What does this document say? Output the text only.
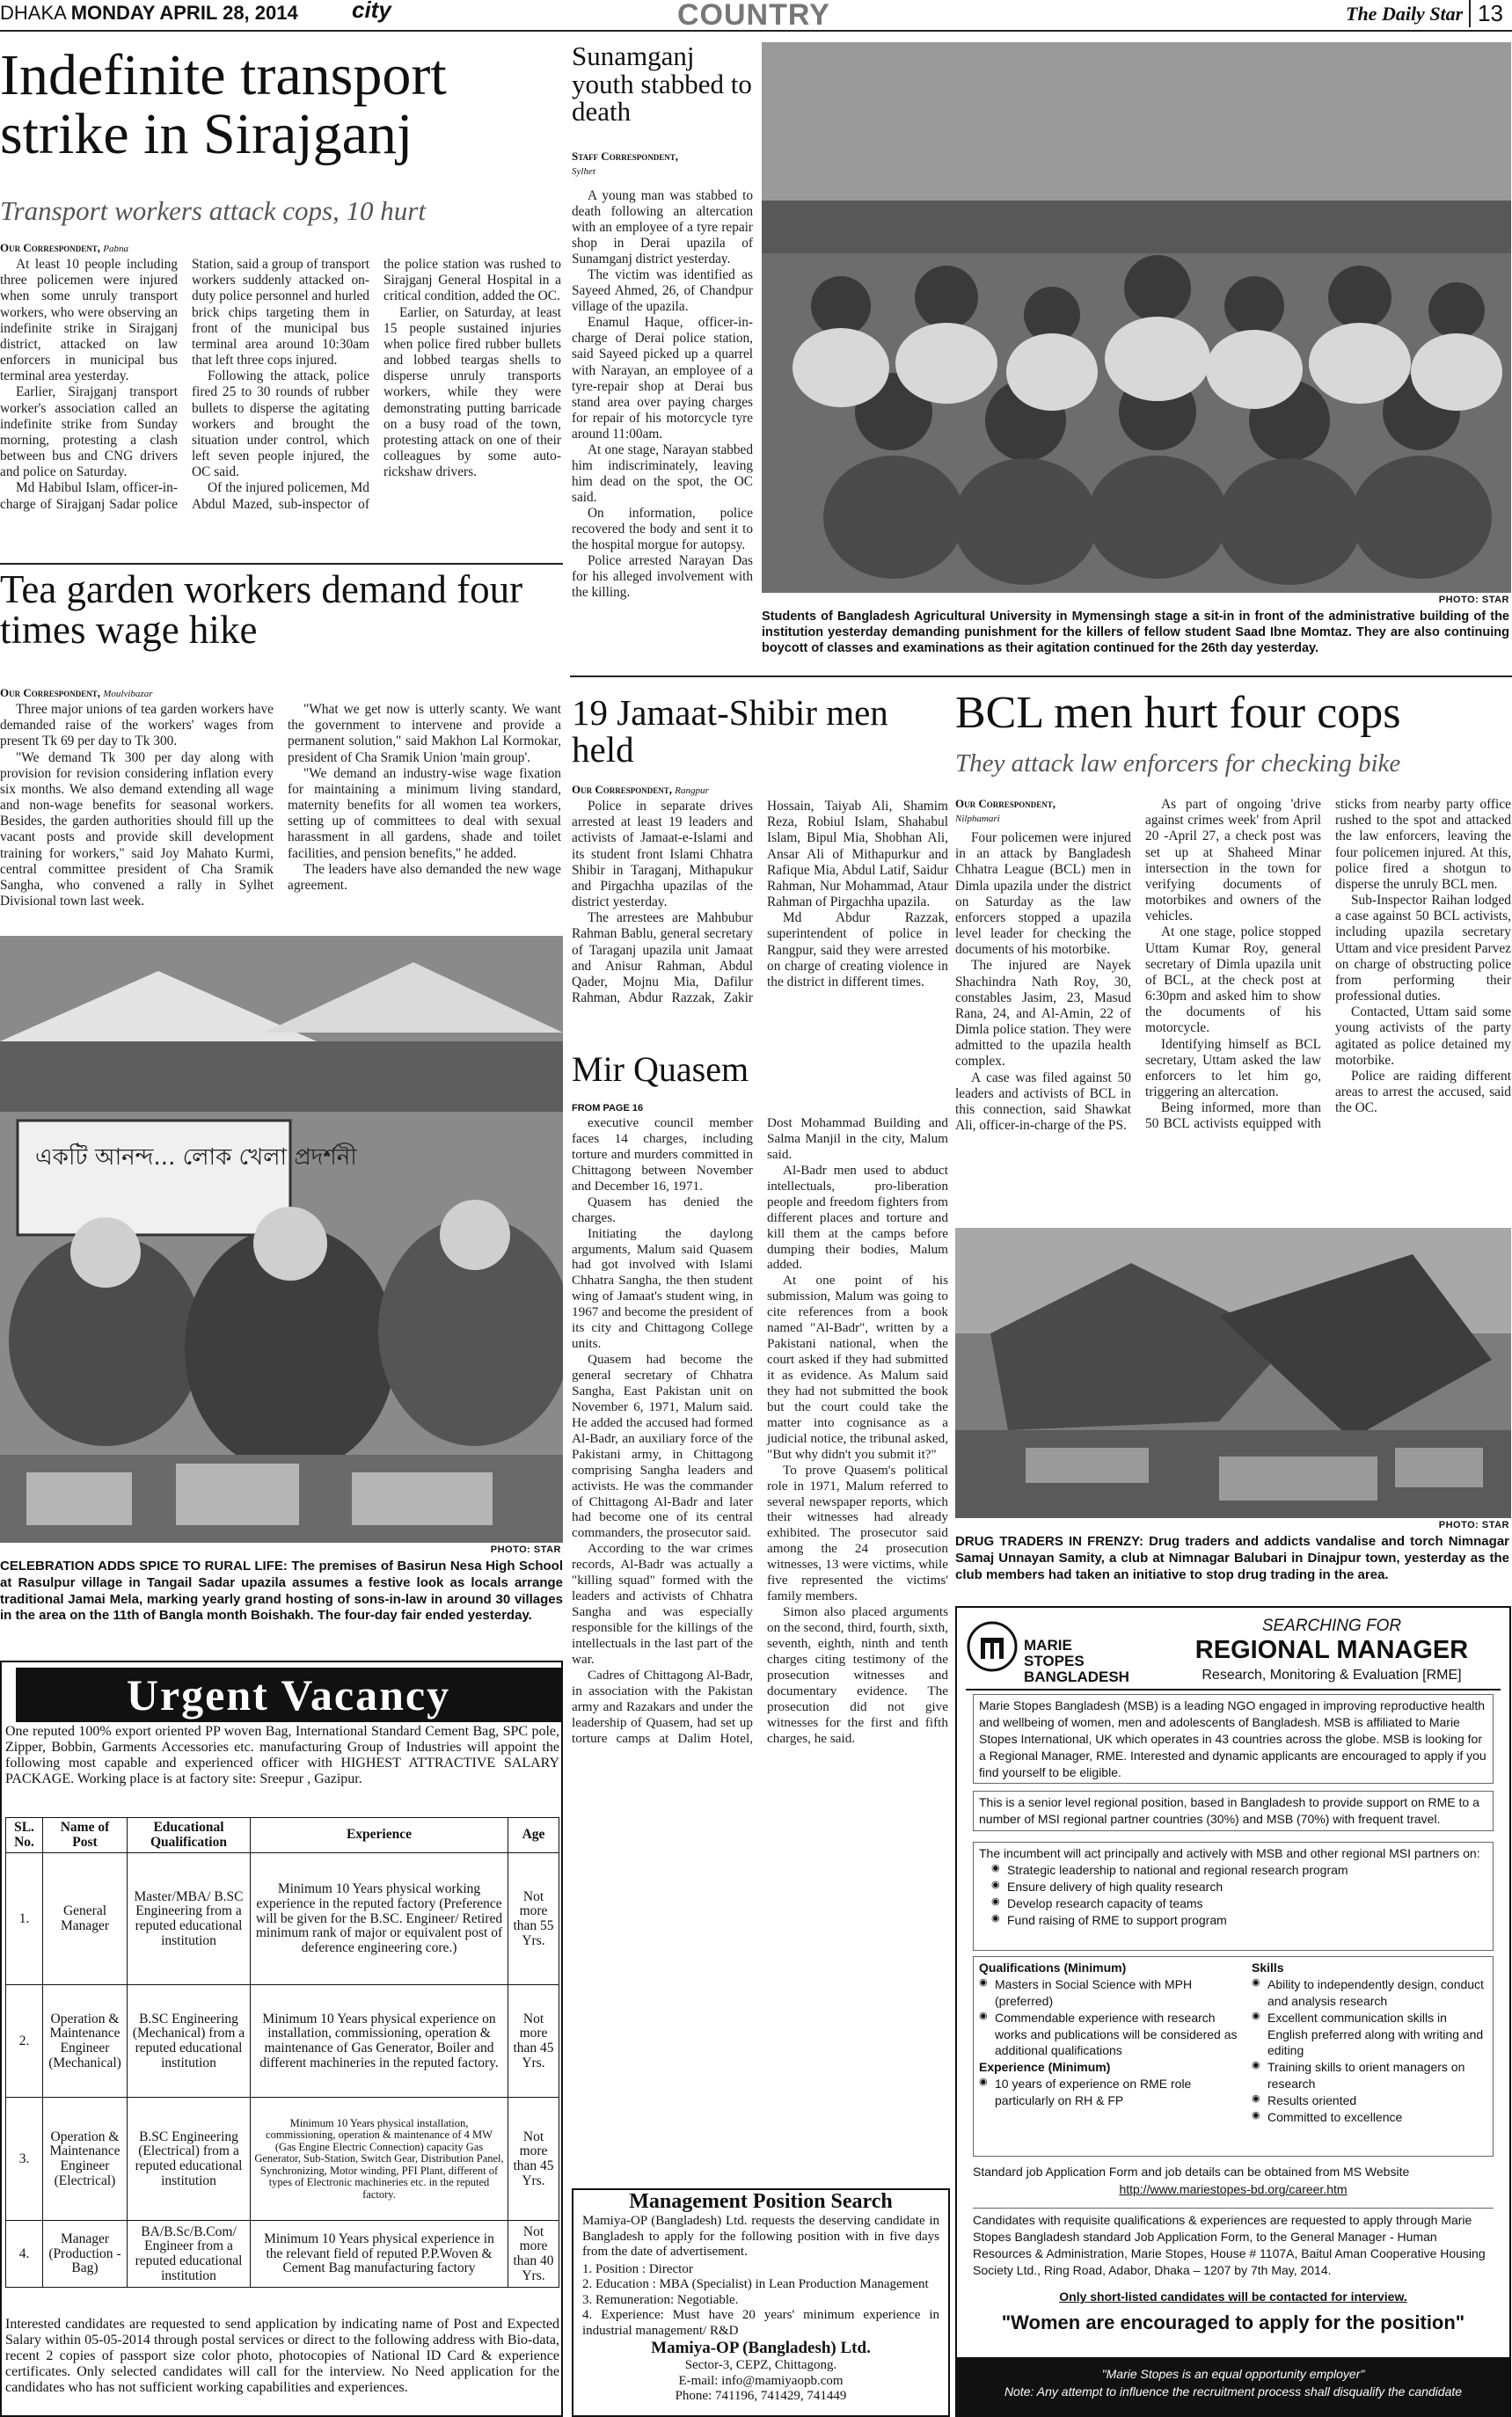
DHAKA MONDAY APRIL 28, 2014 city	COUNTRY	The Daily Star 13
Indefinite transport strike in Sirajganj
Transport workers attack cops, 10 hurt
Our Correspondent, Pabna

At least 10 people including three policemen were injured when some unruly transport workers, who were observing an indefinite strike in Sirajganj district, attacked on law enforcers in municipal bus terminal area yesterday.

Earlier, Sirajganj transport worker's association called an indefinite strike from Sunday morning, protesting a clash between bus and CNG drivers and police on Saturday.

Md Habibul Islam, officer-in-charge of Sirajganj Sadar police Station, said a group of transport workers suddenly attacked on-duty police personnel and hurled brick chips targeting them in front of the municipal bus terminal area around 10:30am that left three cops injured.

Following the attack, police fired 25 to 30 rounds of rubber bullets to disperse the agitating workers and brought the situation under control, which left seven people injured, the OC said.

Of the injured policemen, Md Abdul Mazed, sub-inspector of the police station was rushed to Sirajganj General Hospital in a critical condition, added the OC.

Earlier, on Saturday, at least 15 people sustained injuries when police fired rubber bullets and lobbed teargas shells to disperse unruly transports workers, while they were demonstrating putting barricade on a busy road of the town, protesting attack on one of their colleagues by some auto-rickshaw drivers.

Sunamganj youth stabbed to death
Staff Correspondent,
Sylhet

A young man was stabbed to death following an altercation with an employee of a tyre repair shop in Derai upazila of Sunamganj district yesterday.

The victim was identified as Sayeed Ahmed, 26, of Chandpur village of the upazila.

Enamul Haque, officer-in-charge of Derai police station, said Sayeed picked up a quarrel with Narayan, an employee of a tyre-repair shop at Derai bus stand area over paying charges for repair of his motorcycle tyre around 11:00am.

At one stage, Narayan stabbed him indiscriminately, leaving him dead on the spot, the OC said.

On information, police recovered the body and sent it to the hospital morgue for autopsy.

Police arrested Narayan Das for his alleged involvement with the killing.	PHOTO: STAR
Students of Bangladesh Agricultural University in Mymensingh stage a sit-in in front of the administrative building of the institution yesterday demanding punishment for the killers of fellow student Saad Ibne Momtaz. They are also continuing boycott of classes and examinations as their agitation continued for the 26th day yesterday.
Tea garden workers demand four times wage hike
Our Correspondent, Moulvibazar

Three major unions of tea garden workers have demanded raise of the workers' wages from present Tk 69 per day to Tk 300.

"We demand Tk 300 per day along with provision for revision considering inflation every six months. We also demand extending all wage and non-wage benefits for seasonal workers. Besides, the garden authorities should fill up the vacant posts and provide skill development training for workers," said Joy Mahato Kurmi, central committee president of Cha Sramik Sangha, who convened a rally in Sylhet Divisional town last week.

"What we get now is utterly scanty. We want the government to intervene and provide a permanent solution," said Makhon Lal Kormokar, president of Cha Sramik Union 'main group'.

"We demand an industry-wise wage fixation for maintaining a minimum living standard, maternity benefits for all women tea workers, setting up of committees to deal with sexual harassment in all gardens, shade and toilet facilities, and pension benefits," he added.

The leaders have also demanded the new wage agreement.

একটি আনন্দ... লোক খেলা প্রদর্শনী
PHOTO: STAR
CELEBRATION ADDS SPICE TO RURAL LIFE: The premises of Basirun Nesa High School at Rasulpur village in Tangail Sadar upazila assumes a festive look as locals arrange traditional Jamai Mela, marking yearly grand hosting of sons-in-law in around 30 villages in the area on the 11th of Bangla month Boishakh. The four-day fair ended yesterday.
Urgent Vacancy
One reputed 100% export oriented PP woven Bag, International Standard Cement Bag, SPC pole, Zipper, Bobbin, Garments Accessories etc. manufacturing Group of Industries will appoint the following most capable and experienced officer with HIGHEST ATTRACTIVE SALARY PACKAGE. Working place is at factory site: Sreepur , Gazipur.
SL. No.	Name of Post	Educational Qualification	Experience	Age
1.	General Manager	Master/MBA/ B.SC Engineering from a reputed educational institution	Minimum 10 Years physical working experience in the reputed factory (Preference will be given for the B.SC. Engineer/ Retired minimum rank of major or equivalent post of deference engineering core.)	Not more than 55 Yrs.
2.	Operation & Maintenance Engineer (Mechanical)	B.SC Engineering (Mechanical) from a reputed educational institution	Minimum 10 Years physical experience on installation, commissioning, operation & maintenance of Gas Generator, Boiler and different machineries in the reputed factory.	Not more than 45 Yrs.
3.	Operation & Maintenance Engineer (Electrical)	B.SC Engineering (Electrical) from a reputed educational institution	Minimum 10 Years physical installation, commissioning, operation & maintenance of 4 MW (Gas Engine Electric Connection) capacity Gas Generator, Sub-Station, Switch Gear, Distribution Panel, Synchronizing, Motor winding, PFI Plant, different of types of Electronic machineries etc. in the reputed factory.	Not more than 45 Yrs.
4.	Manager (Production -Bag)	BA/B.Sc/B.Com/ Engineer from a reputed educational institution	Minimum 10 Years physical experience in the relevant field of reputed P.P.Woven & Cement Bag manufacturing factory	Not more than 40 Yrs.
Interested candidates are requested to send application by indicating name of Post and Expected Salary within 05-05-2014 through postal services or direct to the following address with Bio-data, recent 2 copies of passport size color photo, photocopies of National ID Card & experience certificates. Only selected candidates will call for the interview. No Need application for the candidates who has not sufficient working capabilities and experiences.
19 Jamaat-Shibir men held
Our Correspondent, Rangpur

Police in separate drives arrested at least 19 leaders and activists of Jamaat-e-Islami and its student front Islami Chhatra Shibir in Taraganj, Mithapukur and Pirgachha upazilas of the district yesterday.

The arrestees are Mahbubur Rahman Bablu, general secretary of Taraganj upazila unit Jamaat and Anisur Rahman, Abdul Qader, Mojnu Mia, Dafilur Rahman, Abdur Razzak, Zakir Hossain, Taiyab Ali, Shamim Reza, Robiul Islam, Shahabul Islam, Bipul Mia, Shobhan Ali, Ansar Ali of Mithapurkur and Rafique Mia, Abdul Latif, Saidur Rahman, Nur Mohammad, Ataur Rahman of Pirgachha upazila.

Md Abdur Razzak, superintendent of police in Rangpur, said they were arrested on charge of creating violence in the district in different times.

Mir Quasem
FROM PAGE 16

executive council member faces 14 charges, including torture and murders committed in Chittagong between November and December 16, 1971.

Quasem has denied the charges.

Initiating the daylong arguments, Malum said Quasem had got involved with Islami Chhatra Sangha, the then student wing of Jamaat's student wing, in 1967 and become the president of its city and Chittagong College units.

Quasem had become the general secretary of Chhatra Sangha, East Pakistan unit on November 6, 1971, Malum said. He added the accused had formed Al-Badr, an auxiliary force of the Pakistani army, in Chittagong comprising Sangha leaders and activists. He was the commander of Chittagong Al-Badr and later had become one of its central commanders, the prosecutor said.

According to the war crimes records, Al-Badr was actually a "killing squad" formed with the leaders and activists of Chhatra Sangha and was especially responsible for the killings of the intellectuals in the last part of the war.

Cadres of Chittagong Al-Badr, in association with the Pakistan army and Razakars and under the leadership of Quasem, had set up torture camps at Dalim Hotel, Dost Mohammad Building and Salma Manjil in the city, Malum said.

Al-Badr men used to abduct intellectuals, pro-liberation people and freedom fighters from different places and torture and kill them at the camps before dumping their bodies, Malum added.

At one point of his submission, Malum was going to cite references from a book named "Al-Badr", written by a Pakistani national, when the court asked if they had submitted it as evidence. As Malum said they had not submitted the book but the court could take the matter into cognisance as a judicial notice, the tribunal asked, "But why didn't you submit it?"

To prove Quasem's political role in 1971, Malum referred to several newspaper reports, which their witnesses had already exhibited. The prosecutor said among the 24 prosecution witnesses, 13 were victims, while five represented the victims' family members.

Simon also placed arguments on the second, third, fourth, sixth, seventh, eighth, ninth and tenth charges citing testimony of the prosecution witnesses and documentary evidence. The prosecution did not give witnesses for the first and fifth charges, he said.

Management Position Search
Mamiya-OP (Bangladesh) Ltd. requests the deserving candidate in Bangladesh to apply for the following position with in five days from the date of advertisement.
1. Position : Director
2. Education : MBA (Specialist) in Lean Production Management
3. Remuneration: Negotiable.
4. Experience: Must have 20 years' minimum experience in industrial management/ R&D
Mamiya-OP (Bangladesh) Ltd.
Sector-3, CEPZ, Chittagong.
E-mail: info@mamiyaopb.com
Phone: 741196, 741429, 741449
BCL men hurt four cops
They attack law enforcers for checking bike
Our Correspondent,
Nilphamari

Four policemen were injured in an attack by Bangladesh Chhatra League (BCL) men in Dimla upazila under the district on Saturday as the law enforcers stopped a upazila level leader for checking the documents of his motorbike.

The injured are Nayek Shachindra Nath Roy, 30, constables Jasim, 23, Masud Rana, 24, and Al-Amin, 22 of Dimla police station. They were admitted to the upazila health complex.

A case was filed against 50 leaders and activists of BCL in this connection, said Shawkat Ali, officer-in-charge of the PS.

As part of ongoing 'drive against crimes week' from April 20 -April 27, a check post was set up at Shaheed Minar intersection in the town for verifying documents of motorbikes and owners of the vehicles.

At one stage, police stopped Uttam Kumar Roy, general secretary of Dimla upazila unit of BCL, at the check post at 6:30pm and asked him to show the documents of his motorcycle.

Identifying himself as BCL secretary, Uttam asked the law enforcers to let him go, triggering an altercation.

Being informed, more than 50 BCL activists equipped with sticks from nearby party office rushed to the spot and attacked the law enforcers, leaving the four policemen injured. At this, police fired a shotgun to disperse the unruly BCL men.

Sub-Inspector Raihan lodged a case against 50 BCL activists, including upazila secretary Uttam and vice president Parvez on charge of obstructing police from performing their professional duties.

Contacted, Uttam said some young activists of the party agitated as police detained my motorbike.

Police are raiding different areas to arrest the accused, said the OC.

PHOTO: STAR
DRUG TRADERS IN FRENZY: Drug traders and addicts vandalise and torch Nimnagar Samaj Unnayan Samity, a club at Nimnagar Balubari in Dinajpur town, yesterday as the club members had taken an initiative to stop drug trading in the area.
MARIE STOPES BANGLADESH
SEARCHING FOR
REGIONAL MANAGER
Research, Monitoring & Evaluation [RME]
Marie Stopes Bangladesh (MSB) is a leading NGO engaged in improving reproductive health and wellbeing of women, men and adolescents of Bangladesh. MSB is affiliated to Marie Stopes International, UK which operates in 43 countries across the globe. MSB is looking for a Regional Manager, RME. Interested and dynamic applicants are encouraged to apply if you find yourself to be eligible.
This is a senior level regional position, based in Bangladesh to provide support on RME to a number of MSI regional partner countries (30%) and MSB (70%) with frequent travel.
The incumbent will act principally and actively with MSB and other regional MSI partners on:
◉ Strategic leadership to national and regional research program
◉ Ensure delivery of high quality research
◉ Develop research capacity of teams
◉ Fund raising of RME to support program
Qualifications (Minimum)
◉ Masters in Social Science with MPH (preferred)
◉ Commendable experience with research works and publications will be considered as additional qualifications
Experience (Minimum)
◉ 10 years of experience on RME role particularly on RH & FP
Skills
◉ Ability to independently design, conduct and analysis research
◉ Excellent communication skills in English preferred along with writing and editing
◉ Training skills to orient managers on research
◉ Results oriented
◉ Committed to excellence
Standard job Application Form and job details can be obtained from MS Website
http://www.mariestopes-bd.org/career.htm
Candidates with requisite qualifications & experiences are requested to apply through Marie Stopes Bangladesh standard Job Application Form, to the General Manager - Human Resources & Administration, Marie Stopes, House # 1107A, Baitul Aman Cooperative Housing Society Ltd., Ring Road, Adabor, Dhaka – 1207 by 7th May, 2014.
Only short-listed candidates will be contacted for interview.
"Women are encouraged to apply for the position"
"Marie Stopes is an equal opportunity employer"
Note: Any attempt to influence the recruitment process shall disqualify the candidate
